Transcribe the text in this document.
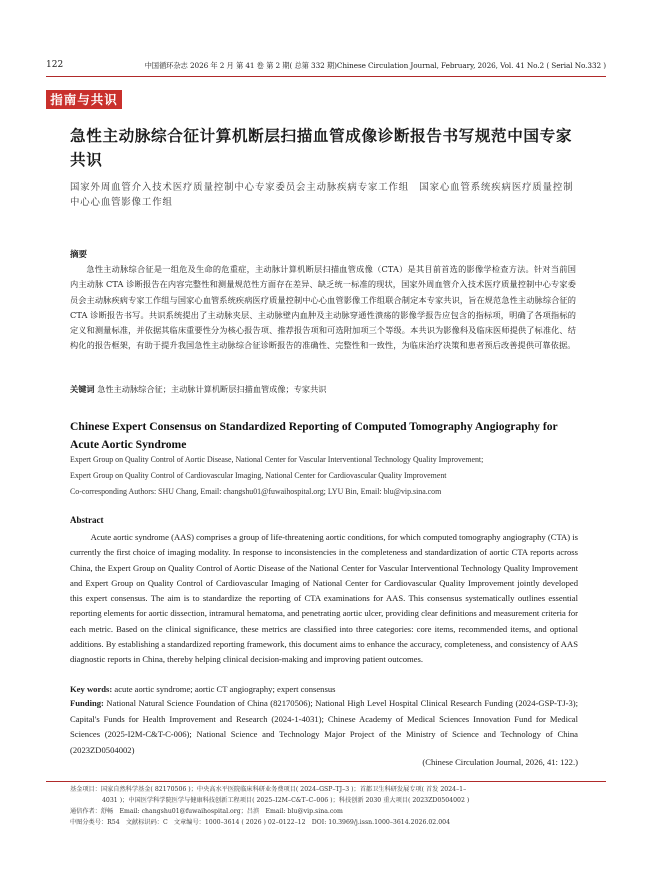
122	中国循环杂志 2026 年 2 月 第 41 卷 第 2 期( 总第 332 期)Chinese Circulation Journal, February, 2026, Vol. 41 No.2 ( Serial No.332 )
指南与共识
急性主动脉综合征计算机断层扫描血管成像诊断报告书写规范中国专家共识
国家外周血管介入技术医疗质量控制中心专家委员会主动脉疾病专家工作组　国家心血管系统疾病医疗质量控制中心心血管影像工作组
摘要
急性主动脉综合征是一组危及生命的危重症，主动脉计算机断层扫描血管成像（CTA）是其目前首选的影像学检查方法。针对当前国内主动脉 CTA 诊断报告在内容完整性和测量规范性方面存在差异、缺乏统一标准的现状，国家外周血管介入技术医疗质量控制中心专家委员会主动脉疾病专家工作组与国家心血管系统疾病医疗质量控制中心心血管影像工作组联合制定本专家共识，旨在规范急性主动脉综合征的 CTA 诊断报告书写。共识系统提出了主动脉夹层、主动脉壁内血肿及主动脉穿通性溃疡的影像学报告应包含的指标项，明确了各项指标的定义和测量标准，并依据其临床重要性分为核心报告项、推荐报告项和可选附加项三个等级。本共识为影像科及临床医师提供了标准化、结构化的报告框架，有助于提升我国急性主动脉综合征诊断报告的准确性、完整性和一致性，为临床治疗决策和患者预后改善提供可靠依据。
关键词 急性主动脉综合征；主动脉计算机断层扫描血管成像；专家共识
Chinese Expert Consensus on Standardized Reporting of Computed Tomography Angiography for Acute Aortic Syndrome
Expert Group on Quality Control of Aortic Disease, National Center for Vascular Interventional Technology Quality Improvement;
Expert Group on Quality Control of Cardiovascular Imaging, National Center for Cardiovascular Quality Improvement
Co-corresponding Authors: SHU Chang, Email: changshu01@fuwaihospital.org; LYU Bin, Email: blu@vip.sina.com
Abstract
Acute aortic syndrome (AAS) comprises a group of life-threatening aortic conditions, for which computed tomography angiography (CTA) is currently the first choice of imaging modality. In response to inconsistencies in the completeness and standardization of aortic CTA reports across China, the Expert Group on Quality Control of Aortic Disease of the National Center for Vascular Interventional Technology Quality Improvement and Expert Group on Quality Control of Cardiovascular Imaging of National Center for Cardiovascular Quality Improvement jointly developed this expert consensus. The aim is to standardize the reporting of CTA examinations for AAS. This consensus systematically outlines essential reporting elements for aortic dissection, intramural hematoma, and penetrating aortic ulcer, providing clear definitions and measurement criteria for each metric. Based on the clinical significance, these metrics are classified into three categories: core items, recommended items, and optional additions. By establishing a standardized reporting framework, this document aims to enhance the accuracy, completeness, and consistency of AAS diagnostic reports in China, thereby helping clinical decision-making and improving patient outcomes.
Key words: acute aortic syndrome; aortic CT angiography; expert consensus
Funding: National Natural Science Foundation of China (82170506); National High Level Hospital Clinical Research Funding (2024-GSP-TJ-3); Capital's Funds for Health Improvement and Research (2024-1-4031); Chinese Academy of Medical Sciences Innovation Fund for Medical Sciences (2025-I2M-C&T-C-006); National Science and Technology Major Project of the Ministry of Science and Technology of China (2023ZD0504002)
(Chinese Circulation Journal, 2026, 41: 122.)
基金项目：国家自然科学基金( 82170506 )；中央高水平医院临床科研业务费项目( 2024–GSP–TJ–3 )；首都卫生科研发展专项( 首发 2024–1–
4031 )；中国医学科学院医学与健康科技创新工程项目( 2025–I2M–C&T–C–006 )；科技创新 2030 重大项目( 2023ZD0504002 )
通信作者：舒畅　Email: changshu01@fuwaihospital.org；吕滨　Email: blu@vip.sina.com
中图分类号：R54　文献标识码：C　文章编号：1000–3614 ( 2026 ) 02–0122–12　DOI: 10.3969/j.issn.1000–3614.2026.02.004
